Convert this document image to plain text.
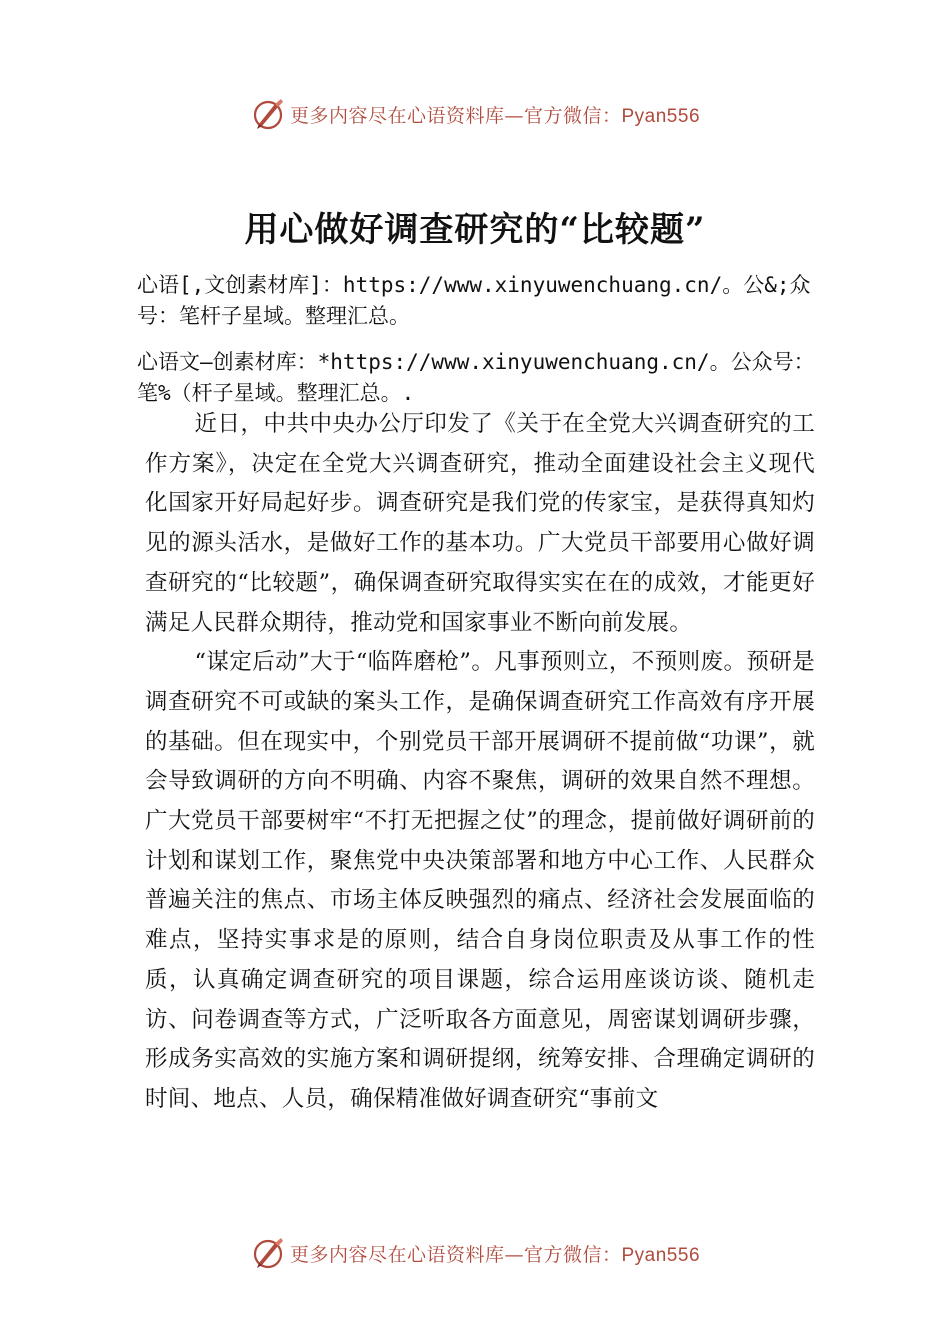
更多内容尽在心语资料库—官方微信：Pyan556
用心做好调查研究的“比较题”

心语[,文创素材库]：https://www.xinyuwenchuang.cn/。公&;众号：笔杆子星域。整理汇总。

心语文—创素材库：*https://www.xinyuwenchuang.cn/。公众号：笔%（杆子星域。整理汇总。.

近日，中共中央办公厅印发了《关于在全党大兴调查研究的工作方案》，决定在全党大兴调查研究，推动全面建设社会主义现代化国家开好局起好步。调查研究是我们党的传家宝，是获得真知灼见的源头活水，是做好工作的基本功。广大党员干部要用心做好调查研究的“比较题”，确保调查研究取得实实在在的成效，才能更好满足人民群众期待，推动党和国家事业不断向前发展。

“谋定后动”大于“临阵磨枪”。凡事预则立，不预则废。预研是调查研究不可或缺的案头工作，是确保调查研究工作高效有序开展的基础。但在现实中，个别党员干部开展调研不提前做“功课”，就会导致调研的方向不明确、内容不聚焦，调研的效果自然不理想。广大党员干部要树牢“不打无把握之仗”的理念，提前做好调研前的计划和谋划工作，聚焦党中央决策部署和地方中心工作、人民群众普遍关注的焦点、市场主体反映强烈的痛点、经济社会发展面临的难点，坚持实事求是的原则，结合自身岗位职责及从事工作的性质，认真确定调查研究的项目课题，综合运用座谈访谈、随机走访、问卷调查等方式，广泛听取各方面意见，周密谋划调研步骤，形成务实高效的实施方案和调研提纲，统筹安排、合理确定调研的时间、地点、人员，确保精准做好调查研究“事前文

更多内容尽在心语资料库—官方微信：Pyan556
